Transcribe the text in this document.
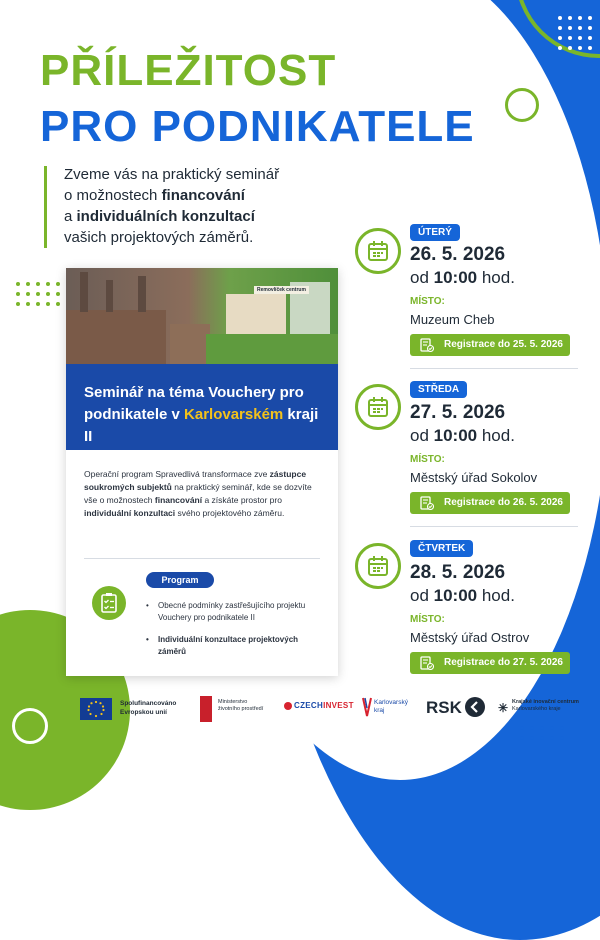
PŘÍLEŽITOST
PRO PODNIKATELE
Zveme vás na praktický seminář
o možnostech financování
a individuálních konzultací
vašich projektových záměrů.
Removlíček centrum
Seminář na téma Vouchery pro podnikatele v Karlovarském kraji II
Operační program Spravedlivá transformace zve zástupce soukromých subjektů na praktický seminář, kde se dozvíte vše o možnostech financování a získáte prostor pro individuální konzultaci svého projektového záměru.
Program
• Obecné podmínky zastřešujícího projektu Vouchery pro podnikatele II
• Individuální konzultace projektových záměrů
ÚTERÝ
26. 5. 2026
od 10:00 hod.
MÍSTO:
Muzeum Cheb
Registrace do 25. 5. 2026
STŘEDA
27. 5. 2026
od 10:00 hod.
MÍSTO:
Městský úřad Sokolov
Registrace do 26. 5. 2026
ČTVRTEK
28. 5. 2026
od 10:00 hod.
MÍSTO:
Městský úřad Ostrov
Registrace do 27. 5. 2026
Spolufinancováno
Evropskou unií
Ministerstvo
životního prostředí	CZECHINVEST	Karlovarský
kraj	RSK	✳ Krajské inovační centrum
Karlovarského kraje
